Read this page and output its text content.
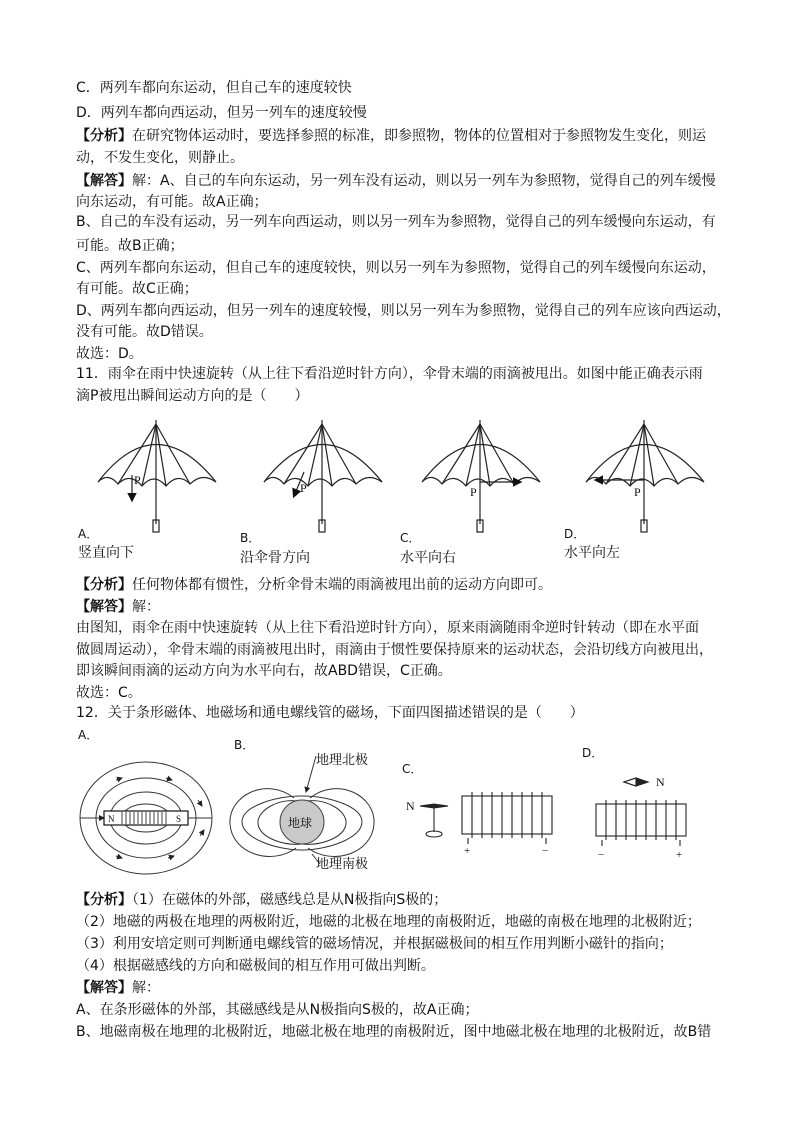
C．两列车都向东运动，但自己车的速度较快
D．两列车都向西运动，但另一列车的速度较慢
【分析】在研究物体运动时，要选择参照的标准，即参照物，物体的位置相对于参照物发生变化，则运
动，不发生变化，则静止。
【解答】解：A、自己的车向东运动，另一列车没有运动，则以另一列车为参照物，觉得自己的列车缓慢
向东运动，有可能。故A正确；
B、自己的车没有运动，另一列车向西运动，则以另一列车为参照物，觉得自己的列车缓慢向东运动，有
可能。故B正确；
C、两列车都向东运动，但自己车的速度较快，则以另一列车为参照物，觉得自己的列车缓慢向东运动，
有可能。故C正确；
D、两列车都向西运动，但另一列车的速度较慢，则以另一列车为参照物，觉得自己的列车应该向西运动，
没有可能。故D错误。
故选：D。
11．雨伞在雨中快速旋转（从上往下看沿逆时针方向），伞骨末端的雨滴被甩出。如图中能正确表示雨
滴P被甩出瞬间运动方向的是（　　）
P
P	P	P
A．
竖直向下
B．
沿伞骨方向
C．
水平向右
D．
水平向左
【分析】任何物体都有惯性，分析伞骨末端的雨滴被甩出前的运动方向即可。
【解答】解：
由图知，雨伞在雨中快速旋转（从上往下看沿逆时针方向），原来雨滴随雨伞逆时针转动（即在水平面
做圆周运动），伞骨末端的雨滴被甩出时，雨滴由于惯性要保持原来的运动状态，会沿切线方向被甩出，
即该瞬间雨滴的运动方向为水平向右，故ABD错误，C正确。
故选：C。
12．关于条形磁体、地磁场和通电螺线管的磁场，下面四图描述错误的是（　　）
A．
B．
C．
D．
N	S
地理北极
地球
地理南极
N
+	−
N
−	+
【分析】（1）在磁体的外部，磁感线总是从N极指向S极的；
（2）地磁的两极在地理的两极附近，地磁的北极在地理的南极附近，地磁的南极在地理的北极附近；
（3）利用安培定则可判断通电螺线管的磁场情况，并根据磁极间的相互作用判断小磁针的指向；
（4）根据磁感线的方向和磁极间的相互作用可做出判断。
【解答】解：
A、在条形磁体的外部，其磁感线是从N极指向S极的，故A正确；
B、地磁南极在地理的北极附近，地磁北极在地理的南极附近，图中地磁北极在地理的北极附近，故B错
